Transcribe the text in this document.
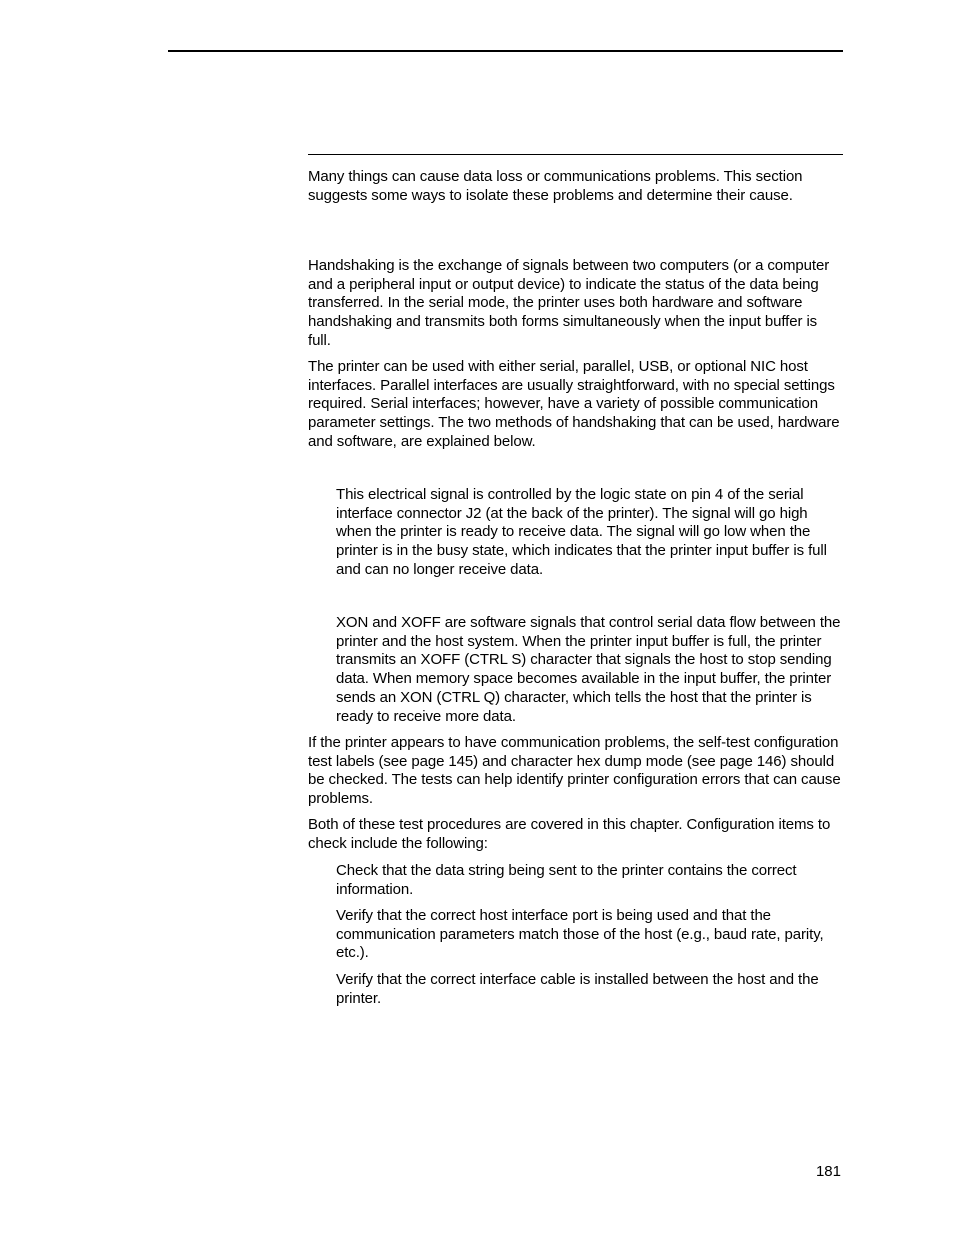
Many things can cause data loss or communications problems. This section suggests some ways to isolate these problems and determine their cause.

Handshaking is the exchange of signals between two computers (or a computer and a peripheral input or output device) to indicate the status of the data being transferred. In the serial mode, the printer uses both hardware and software handshaking and transmits both forms simultaneously when the input buffer is full.

The printer can be used with either serial, parallel, USB, or optional NIC host interfaces. Parallel interfaces are usually straightforward, with no special settings required. Serial interfaces; however, have a variety of possible communication parameter settings. The two methods of handshaking that can be used, hardware and software, are explained below.

This electrical signal is controlled by the logic state on pin 4 of the serial interface connector J2 (at the back of the printer). The signal will go high when the printer is ready to receive data. The signal will go low when the printer is in the busy state, which indicates that the printer input buffer is full and can no longer receive data.

XON and XOFF are software signals that control serial data flow between the printer and the host system. When the printer input buffer is full, the printer transmits an XOFF (CTRL S) character that signals the host to stop sending data. When memory space becomes available in the input buffer, the printer sends an XON (CTRL Q) character, which tells the host that the printer is ready to receive more data.

If the printer appears to have communication problems, the self-test configuration test labels (see page 145) and character hex dump mode (see page 146) should be checked. The tests can help identify printer configuration errors that can cause problems.

Both of these test procedures are covered in this chapter. Configuration items to check include the following:

Check that the data string being sent to the printer contains the correct information.

Verify that the correct host interface port is being used and that the communication parameters match those of the host (e.g., baud rate, parity, etc.).

Verify that the correct interface cable is installed between the host and the printer.

181
